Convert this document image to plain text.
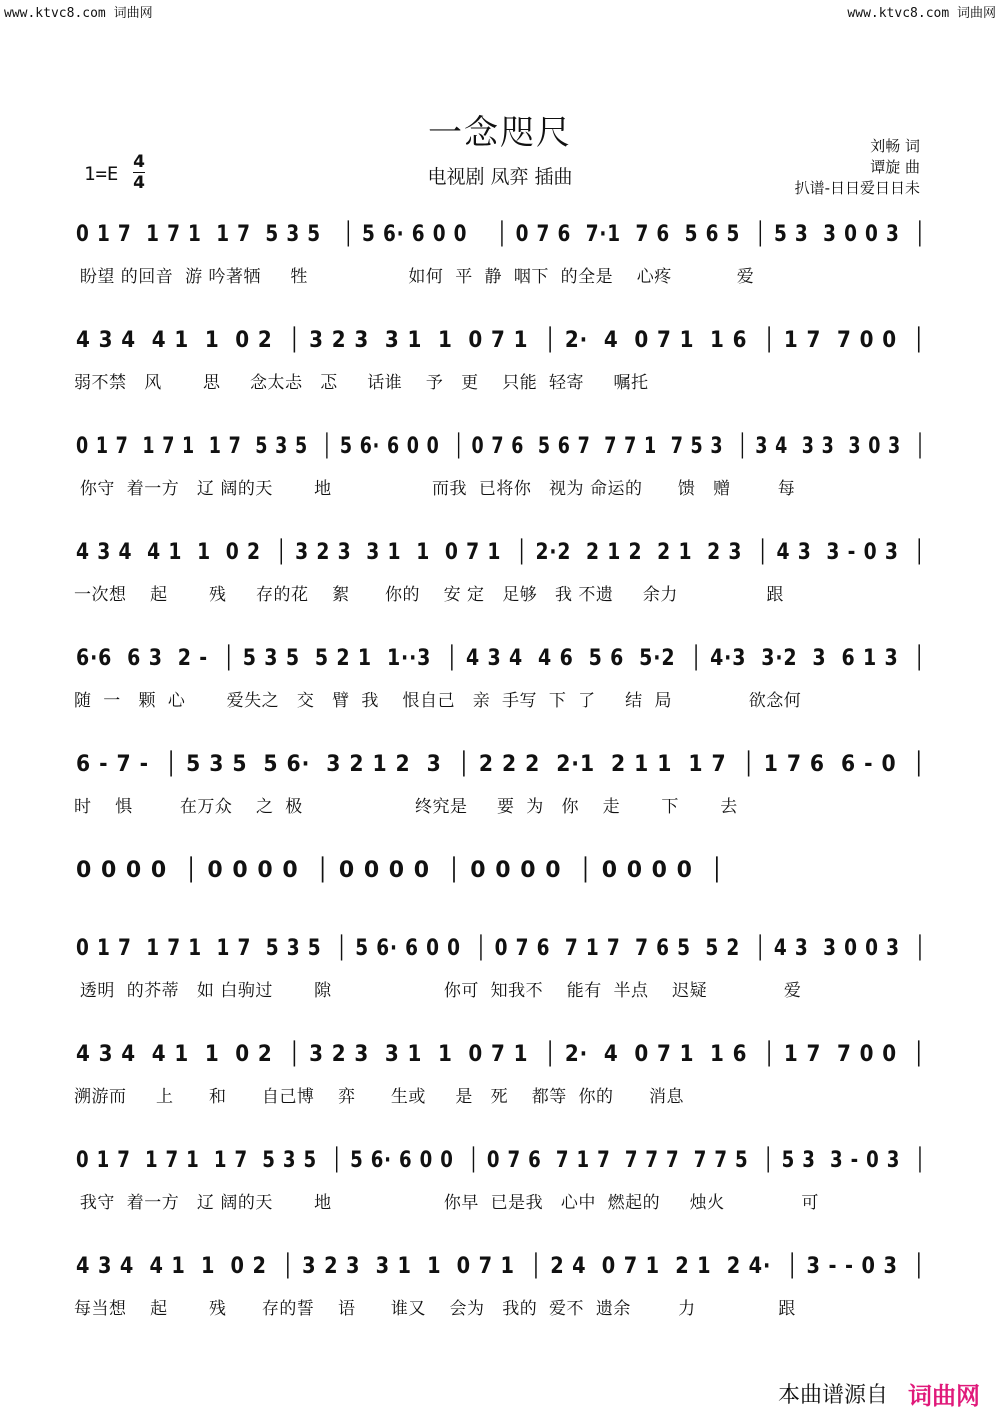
www.ktvc8.com 词曲网	www.ktvc8.com 词曲网
一念咫尺
电视剧 凤弈 插曲
刘畅 词
谭旋 曲
扒谱-日日爱日日未
1=E
4
4
0 1 7  1 7 1  1 7  5 3 5   │ 5 6· 6 0 0    │ 0 7 6  7·1  7 6  5 6 5  │ 5 3  3 0 0 3  │
盼望 的回音  游 吟著牺     牲                 如何  平  静  咽下  的全是    心疼           爱
4 3 4  4 1  1  0 2  │ 3 2 3  3 1  1  0 7 1  │ 2·  4  0 7 1  1 6  │ 1 7  7 0 0  │
弱不禁   风       思     念太忐   忑     话谁    予   更    只能  轻寄     嘱托
0 1 7  1 7 1  1 7  5 3 5  │ 5 6· 6 0 0  │ 0 7 6  5 6 7  7 7 1  7 5 3  │ 3 4  3 3  3 0 3  │
你守  着一方   辽 阔的天       地                 而我  已将你   视为 命运的      馈   赠        每
4 3 4  4 1  1  0 2  │ 3 2 3  3 1  1  0 7 1  │ 2·2  2 1 2  2 1  2 3  │ 4 3  3 - 0 3  │
一次想    起       残     存的花    絮      你的    安 定   足够   我 不遗     余力               跟
6·6  6 3  2 -  │ 5 3 5  5 2 1  1··3  │ 4 3 4  4 6  5 6  5·2  │ 4·3  3·2  3  6 1 3  │
随  一   颗  心       爱失之   交   臂  我    恨自己   亲  手写  下  了     结  局             欲念何
6 - 7 -  │ 5 3 5  5 6·  3 2 1 2  3  │ 2 2 2  2·1  2 1 1  1 7  │ 1 7 6  6 - 0  │
时    惧        在万众    之  极                   终究是     要  为   你    走       下       去
0 0 0 0  │ 0 0 0 0  │ 0 0 0 0  │ 0 0 0 0  │ 0 0 0 0  │
0 1 7  1 7 1  1 7  5 3 5  │ 5 6· 6 0 0  │ 0 7 6  7 1 7  7 6 5  5 2  │ 4 3  3 0 0 3  │
透明  的芥蒂   如 白驹过       隙                   你可  知我不    能有  半点    迟疑             爱
4 3 4  4 1  1  0 2  │ 3 2 3  3 1  1  0 7 1  │ 2·  4  0 7 1  1 6  │ 1 7  7 0 0  │
溯游而     上      和      自己博    弈      生或     是   死    都等  你的      消息
0 1 7  1 7 1  1 7  5 3 5  │ 5 6· 6 0 0  │ 0 7 6  7 1 7  7 7 7  7 7 5  │ 5 3  3 - 0 3  │
我守  着一方   辽 阔的天       地                   你早  已是我   心中  燃起的     烛火             可
4 3 4  4 1  1  0 2  │ 3 2 3  3 1  1  0 7 1  │ 2 4  0 7 1  2 1  2 4·  │ 3 - - 0 3  │
每当想    起       残      存的誓    语      谁又    会为   我的  爱不  遗余        力              跟
本曲谱源自 词曲网
